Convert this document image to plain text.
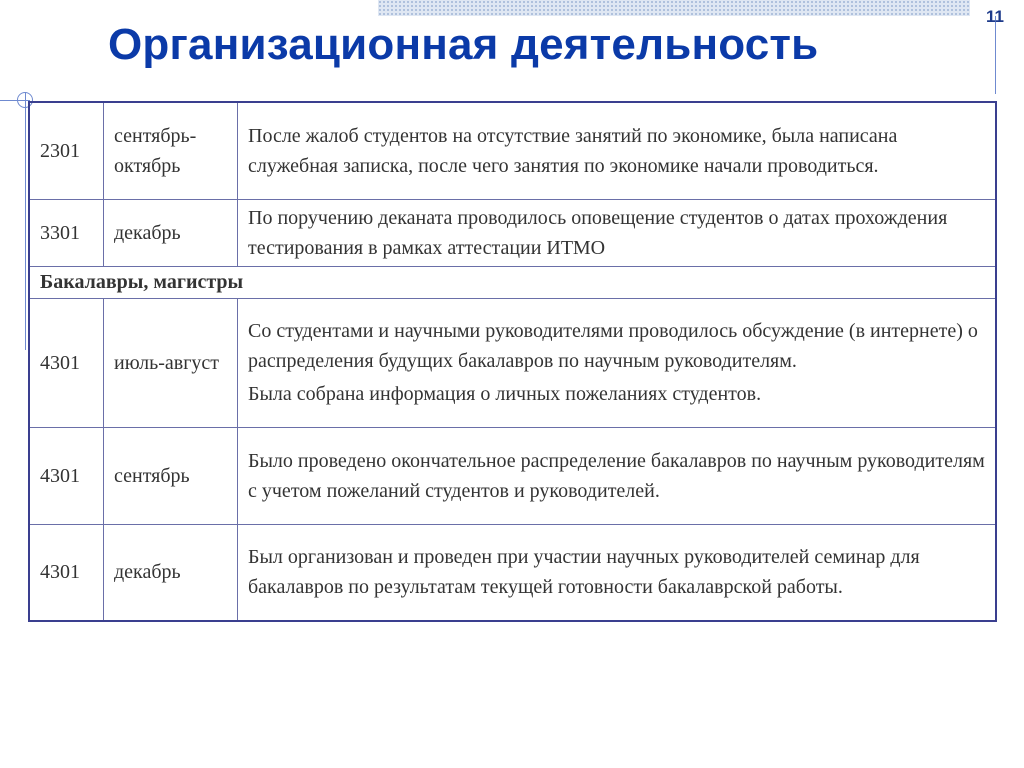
11
Организационная деятельность
2301	сентябрь-октябрь	После жалоб студентов на отсутствие занятий по экономике, была написана служебная записка, после чего занятия по экономике начали проводиться.

3301	декабрь	По поручению деканата проводилось оповещение студентов о датах прохождения тестирования в рамках аттестации ИТМО

Бакалавры, магистры		
4301	июль-август	Со студентами и научными руководителями проводилось обсуждение (в интернете) о распределения будущих бакалавров по научным руководителям.
Была собрана информация о личных пожеланиях студентов.

4301	сентябрь	Было проведено окончательное распределение бакалавров по научным руководителям с учетом пожеланий студентов и руководителей.

4301	декабрь	Был организован и проведен при участии научных руководителей семинар для бакалавров по результатам текущей готовности бакалаврской работы.
